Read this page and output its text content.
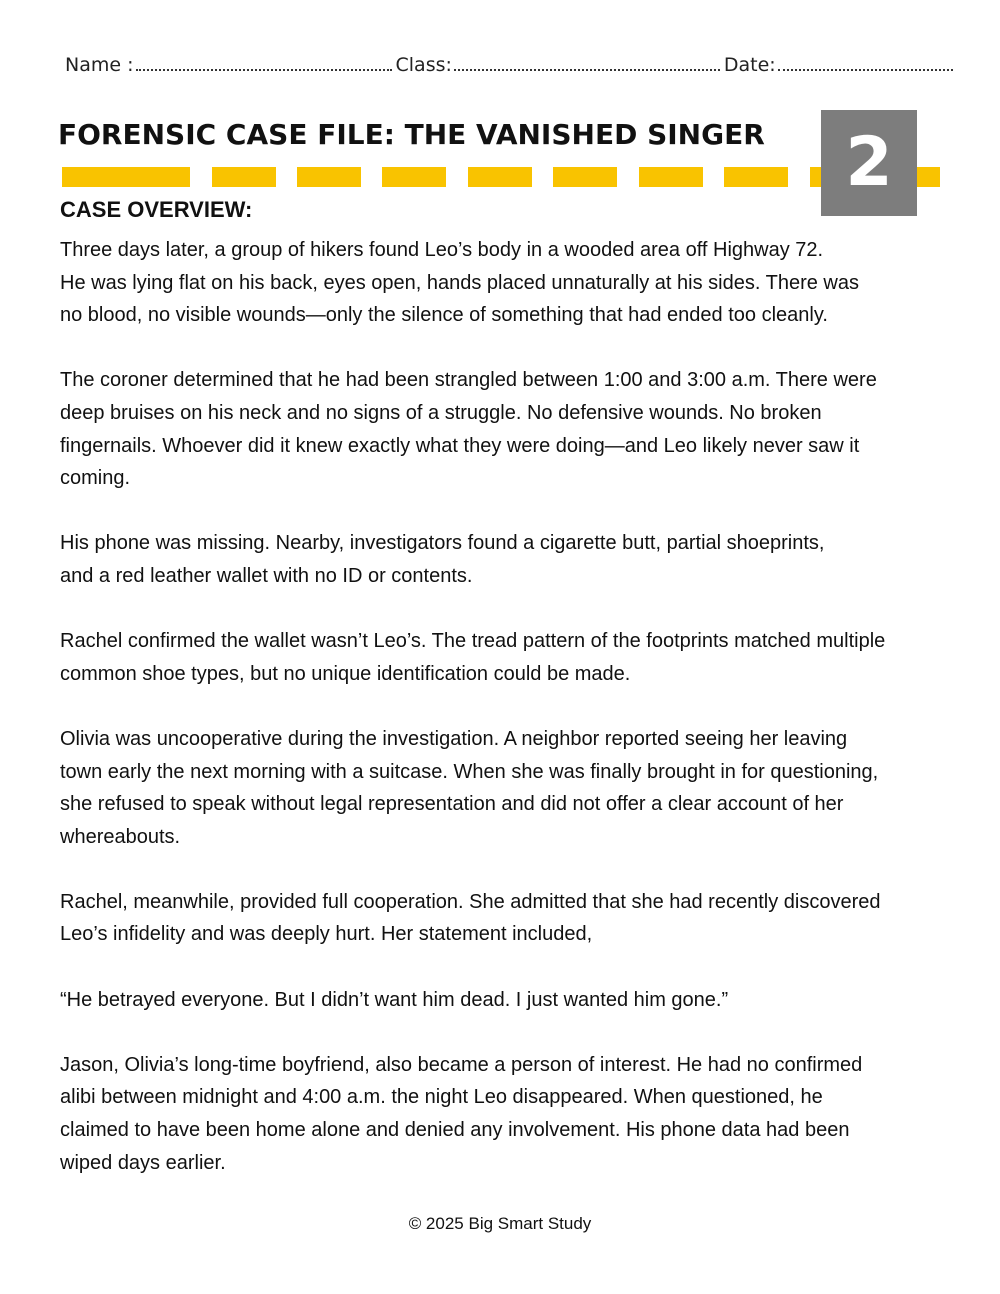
Name :	Class:	Date:
FORENSIC CASE FILE: THE VANISHED SINGER	2
CASE OVERVIEW:

Three days later, a group of hikers found Leo’s body in a wooded area off Highway 72.
He was lying flat on his back, eyes open, hands placed unnaturally at his sides. There was
no blood, no visible wounds—only the silence of something that had ended too cleanly.

The coroner determined that he had been strangled between 1:00 and 3:00 a.m. There were
deep bruises on his neck and no signs of a struggle. No defensive wounds. No broken
fingernails. Whoever did it knew exactly what they were doing—and Leo likely never saw it
coming.

His phone was missing. Nearby, investigators found a cigarette butt, partial shoeprints,
and a red leather wallet with no ID or contents.

Rachel confirmed the wallet wasn’t Leo’s. The tread pattern of the footprints matched multiple
common shoe types, but no unique identification could be made.

Olivia was uncooperative during the investigation. A neighbor reported seeing her leaving
town early the next morning with a suitcase. When she was finally brought in for questioning,
she refused to speak without legal representation and did not offer a clear account of her
whereabouts.

Rachel, meanwhile, provided full cooperation. She admitted that she had recently discovered
Leo’s infidelity and was deeply hurt. Her statement included,

“He betrayed everyone. But I didn’t want him dead. I just wanted him gone.”

Jason, Olivia’s long-time boyfriend, also became a person of interest. He had no confirmed
alibi between midnight and 4:00 a.m. the night Leo disappeared. When questioned, he
claimed to have been home alone and denied any involvement. His phone data had been
wiped days earlier.

© 2025 Big Smart Study
